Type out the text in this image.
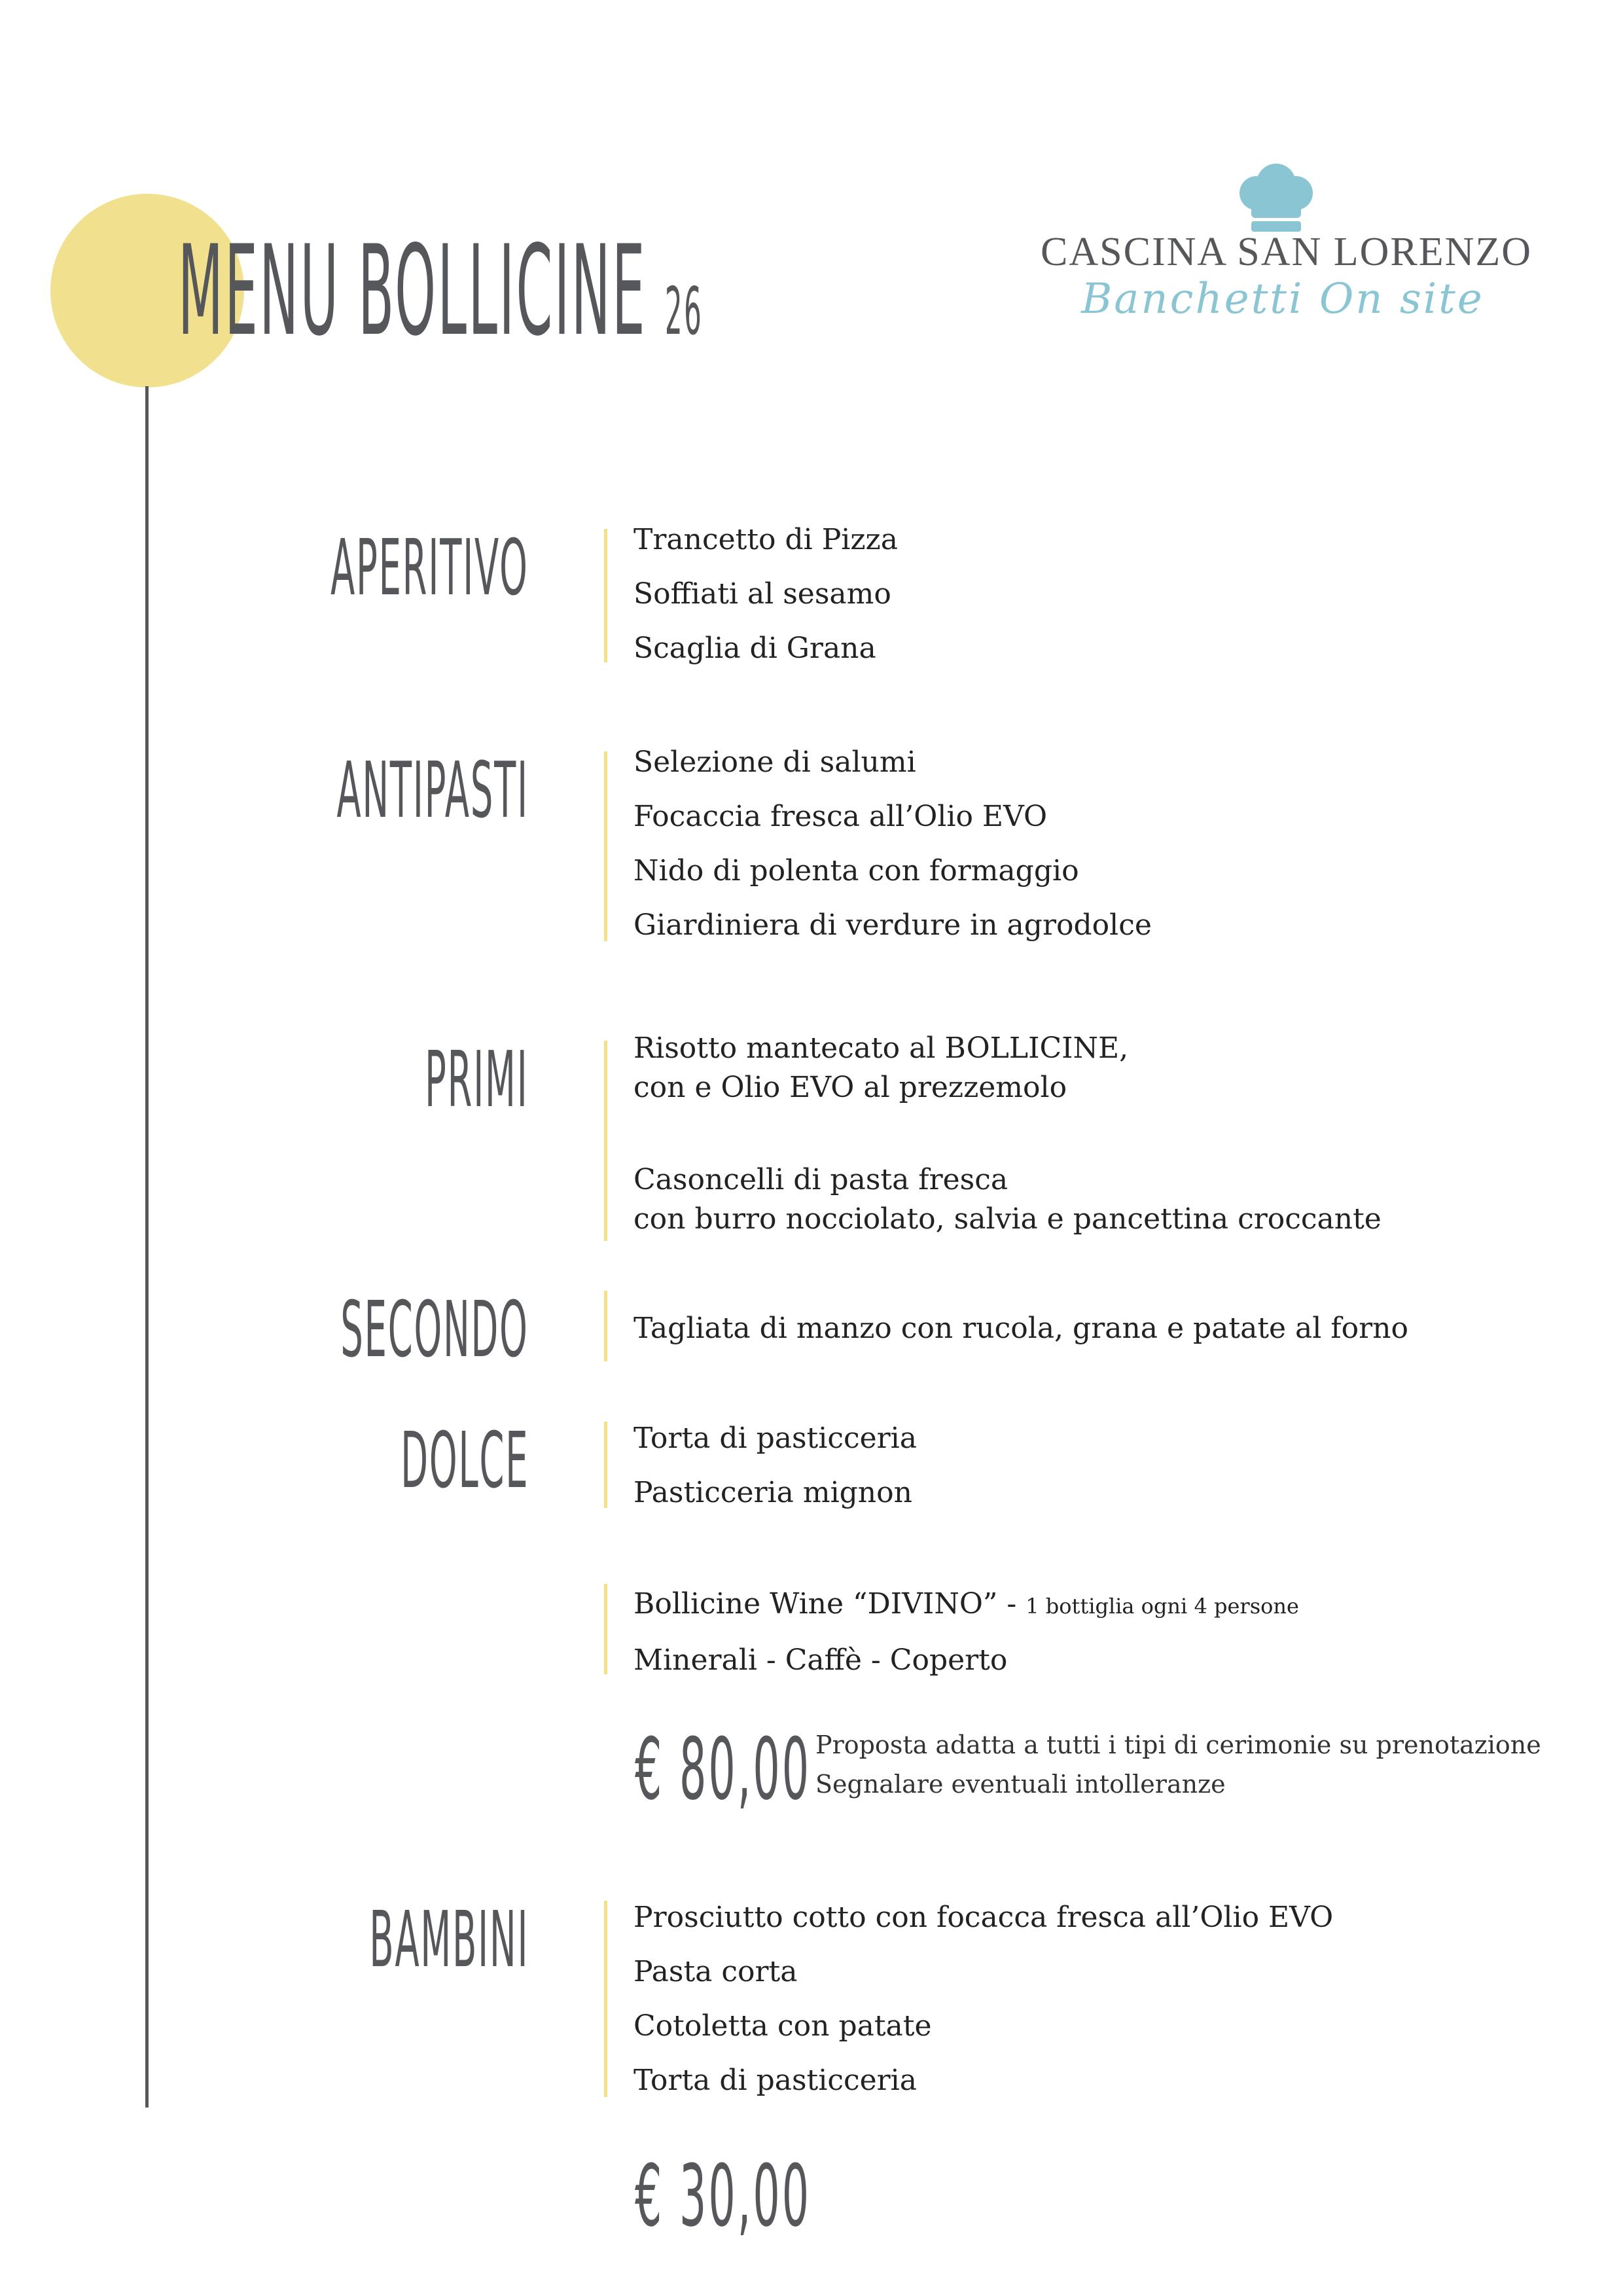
MENU BOLLICINE 26
CASCINA SAN LORENZO
Banchetti On site
APERITIVO	Trancetto di Pizza
Soffiati al sesamo
Scaglia di Grana
ANTIPASTI	Selezione di salumi
Focaccia fresca all’Olio EVO
Nido di polenta con formaggio
Giardiniera di verdure in agrodolce
PRIMI	Risotto mantecato al BOLLICINE,
con e Olio EVO al prezzemolo
Casoncelli di pasta fresca
con burro nocciolato, salvia e pancettina croccante
SECONDO	Tagliata di manzo con rucola, grana e patate al forno
DOLCE	Torta di pasticceria
Pasticceria mignon
Bollicine Wine “DIVINO” - 1 bottiglia ogni 4 persone
Minerali - Caffè - Coperto
€ 80,00 Proposta adatta a tutti i tipi di cerimonie su prenotazione
Segnalare eventuali intolleranze
BAMBINI	Prosciutto cotto con focacca fresca all’Olio EVO
Pasta corta
Cotoletta con patate
Torta di pasticceria
€ 30,00
